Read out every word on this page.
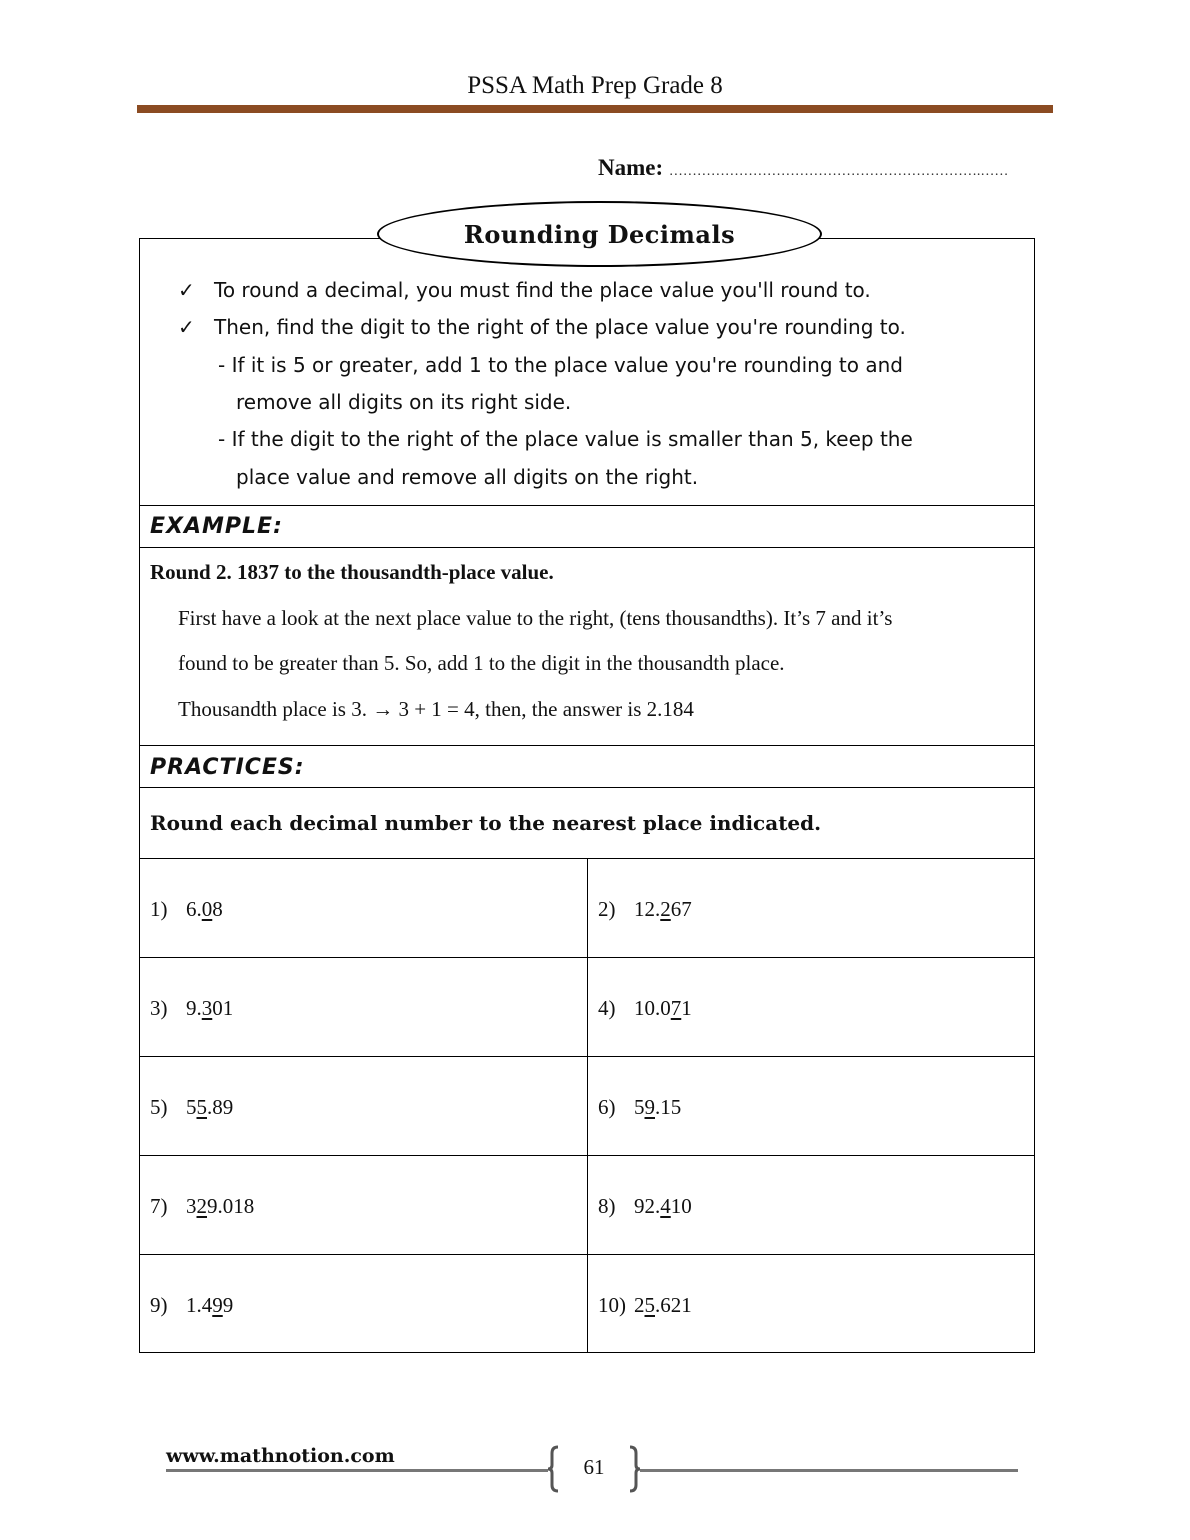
PSSA Math Prep Grade 8
Name: ………………………………………………………….……
Rounding Decimals
✓ To round a decimal, you must find the place value you'll round to.
✓ Then, find the digit to the right of the place value you're rounding to.
- If it is 5 or greater, add 1 to the place value you're rounding to and
remove all digits on its right side.
- If the digit to the right of the place value is smaller than 5, keep the
place value and remove all digits on the right.
EXAMPLE:
Round 2. 1837 to the thousandth-place value.
First have a look at the next place value to the right, (tens thousandths). It’s 7 and it’s
found to be greater than 5. So, add 1 to the digit in the thousandth place.
Thousandth place is 3. → 3 + 1 = 4, then, the answer is 2.184
PRACTICES:
Round each decimal number to the nearest place indicated.
1) 6.08	2) 12.267
3) 9.301	4) 10.071
5) 55.89	6) 59.15
7) 329.018	8) 92.410
9) 1.499	10) 25.621
www.mathnotion.com	61
